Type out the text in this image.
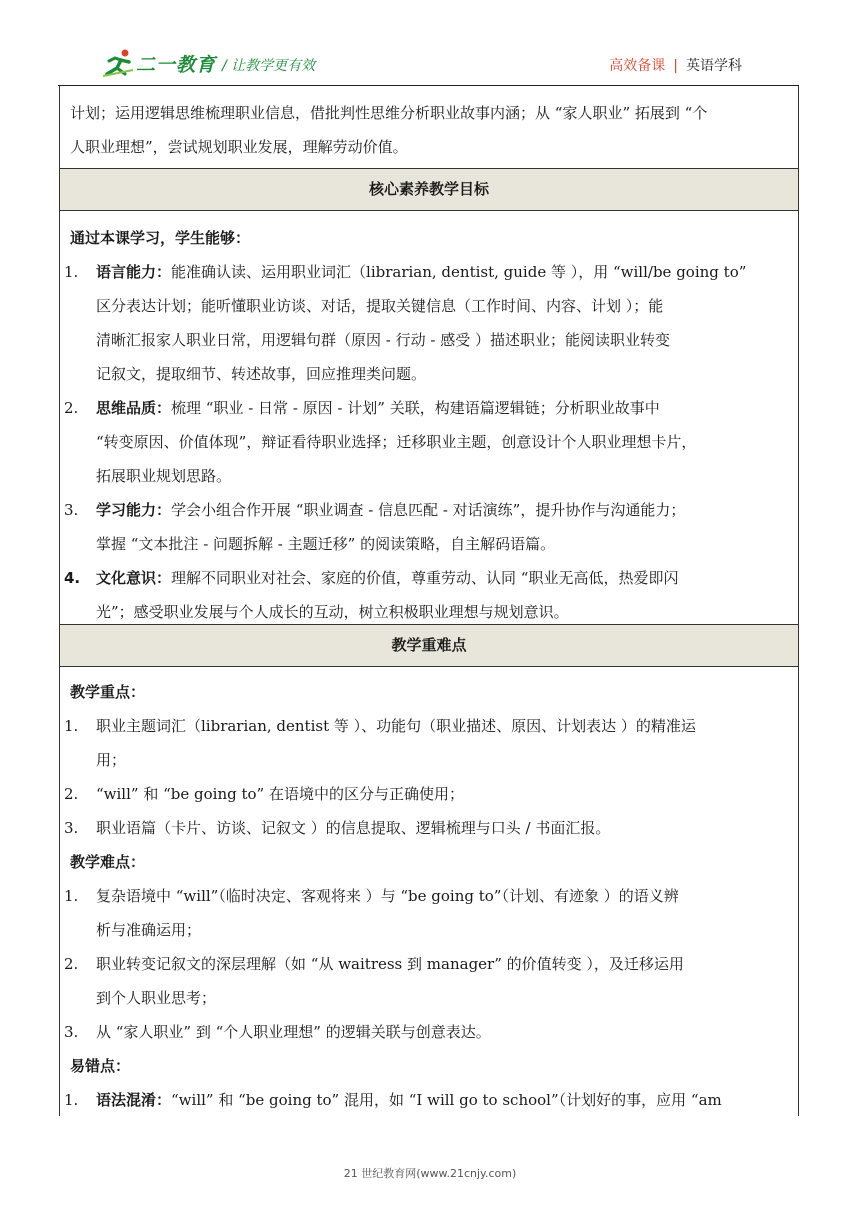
二一教育 / 让教学更有效	高效备课 | 英语学科
计划；运用逻辑思维梳理职业信息，借批判性思维分析职业故事内涵；从 “家人职业” 拓展到 “个
人职业理想”，尝试规划职业发展，理解劳动价值。
核心素养教学目标
通过本课学习，学生能够：
1.	语言能力：能准确认读、运用职业词汇（librarian, dentist, guide 等 ），用 “will/be going to”
区分表达计划；能听懂职业访谈、对话，提取关键信息（工作时间、内容、计划 ）；能
清晰汇报家人职业日常，用逻辑句群（原因 - 行动 - 感受 ）描述职业；能阅读职业转变
记叙文，提取细节、转述故事，回应推理类问题。
2.	思维品质：梳理 “职业 - 日常 - 原因 - 计划” 关联，构建语篇逻辑链；分析职业故事中
“转变原因、价值体现”，辩证看待职业选择；迁移职业主题，创意设计个人职业理想卡片，
拓展职业规划思路。
3.	学习能力：学会小组合作开展 “职业调查 - 信息匹配 - 对话演练”，提升协作与沟通能力；
掌握 “文本批注 - 问题拆解 - 主题迁移” 的阅读策略，自主解码语篇。
4.	文化意识：理解不同职业对社会、家庭的价值，尊重劳动、认同 “职业无高低，热爱即闪
光”；感受职业发展与个人成长的互动，树立积极职业理想与规划意识。
教学重难点
教学重点：
1.	职业主题词汇（librarian, dentist 等 ）、功能句（职业描述、原因、计划表达 ）的精准运
用；
2.	“will” 和 “be going to” 在语境中的区分与正确使用；
3.	职业语篇（卡片、访谈、记叙文 ）的信息提取、逻辑梳理与口头 / 书面汇报。
教学难点：
1.	复杂语境中 “will”（临时决定、客观将来 ）与 “be going to”（计划、有迹象 ）的语义辨
析与准确运用；
2.	职业转变记叙文的深层理解（如 “从 waitress 到 manager” 的价值转变 ），及迁移运用
到个人职业思考；
3.	从 “家人职业” 到 “个人职业理想” 的逻辑关联与创意表达。
易错点：
1.	语法混淆：“will” 和 “be going to” 混用，如 “I will go to school”（计划好的事，应用 “am
21 世纪教育网(www.21cnjy.com)
